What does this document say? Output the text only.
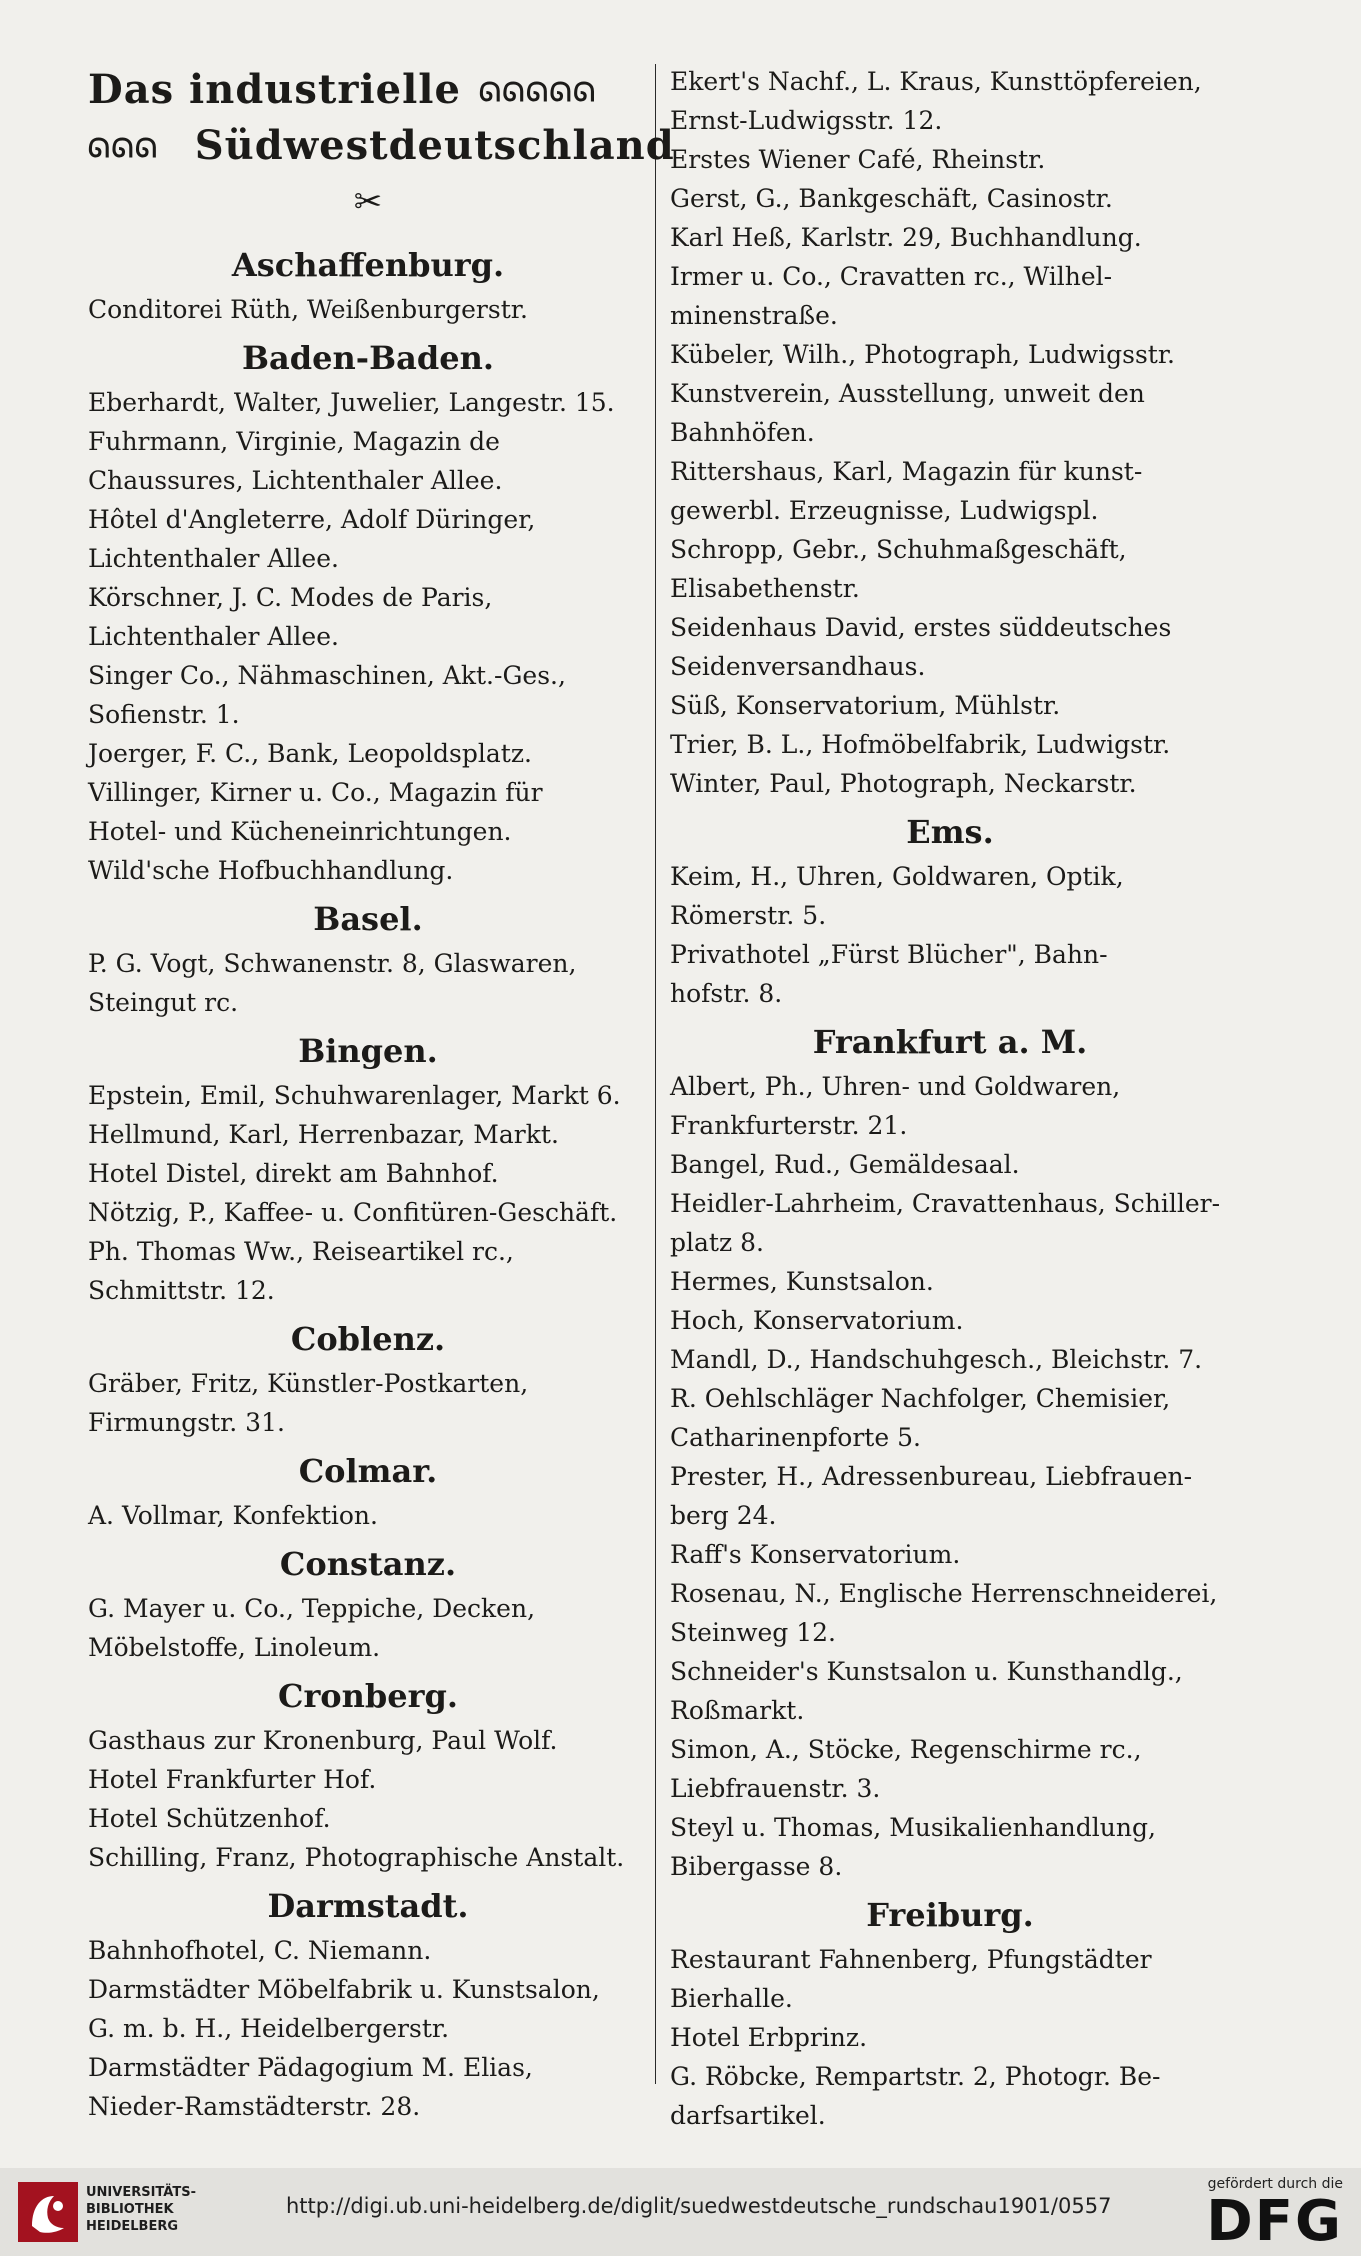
Das industrielle ᘏᘏᘏᘏᘏ
ᘏᘏᘏ Südwestdeutschland
✂
Aschaffenburg.
Conditorei Rüth, Weißenburgerstr.
Baden-Baden.
Eberhardt, Walter, Juwelier, Langestr. 15.
Fuhrmann, Virginie, Magazin de
Chaussures, Lichtenthaler Allee.
Hôtel d'Angleterre, Adolf Düringer,
Lichtenthaler Allee.
Körschner, J. C. Modes de Paris,
Lichtenthaler Allee.
Singer Co., Nähmaschinen, Akt.-Ges.,
Sofienstr. 1.
Joerger, F. C., Bank, Leopoldsplatz.
Villinger, Kirner u. Co., Magazin für
Hotel- und Kücheneinrichtungen.
Wild'sche Hofbuchhandlung.
Basel.
P. G. Vogt, Schwanenstr. 8, Glaswaren,
Steingut rc.
Bingen.
Epstein, Emil, Schuhwarenlager, Markt 6.
Hellmund, Karl, Herrenbazar, Markt.
Hotel Distel, direkt am Bahnhof.
Nötzig, P., Kaffee- u. Confitüren-Geschäft.
Ph. Thomas Ww., Reiseartikel rc.,
Schmittstr. 12.
Coblenz.
Gräber, Fritz, Künstler-Postkarten,
Firmungstr. 31.
Colmar.
A. Vollmar, Konfektion.
Constanz.
G. Mayer u. Co., Teppiche, Decken,
Möbelstoffe, Linoleum.
Cronberg.
Gasthaus zur Kronenburg, Paul Wolf.
Hotel Frankfurter Hof.
Hotel Schützenhof.
Schilling, Franz, Photographische Anstalt.
Darmstadt.
Bahnhofhotel, C. Niemann.
Darmstädter Möbelfabrik u. Kunstsalon,
G. m. b. H., Heidelbergerstr.
Darmstädter Pädagogium M. Elias,
Nieder-Ramstädterstr. 28.
Ekert's Nachf., L. Kraus, Kunsttöpfereien,
Ernst-Ludwigsstr. 12.
Erstes Wiener Café, Rheinstr.
Gerst, G., Bankgeschäft, Casinostr.
Karl Heß, Karlstr. 29, Buchhandlung.
Irmer u. Co., Cravatten rc., Wilhel-
minenstraße.
Kübeler, Wilh., Photograph, Ludwigsstr.
Kunstverein, Ausstellung, unweit den
Bahnhöfen.
Rittershaus, Karl, Magazin für kunst-
gewerbl. Erzeugnisse, Ludwigspl.
Schropp, Gebr., Schuhmaßgeschäft,
Elisabethenstr.
Seidenhaus David, erstes süddeutsches
Seidenversandhaus.
Süß, Konservatorium, Mühlstr.
Trier, B. L., Hofmöbelfabrik, Ludwigstr.
Winter, Paul, Photograph, Neckarstr.
Ems.
Keim, H., Uhren, Goldwaren, Optik,
Römerstr. 5.
Privathotel „Fürst Blücher", Bahn-
hofstr. 8.
Frankfurt a. M.
Albert, Ph., Uhren- und Goldwaren,
Frankfurterstr. 21.
Bangel, Rud., Gemäldesaal.
Heidler-Lahrheim, Cravattenhaus, Schiller-
platz 8.
Hermes, Kunstsalon.
Hoch, Konservatorium.
Mandl, D., Handschuhgesch., Bleichstr. 7.
R. Oehlschläger Nachfolger, Chemisier,
Catharinenpforte 5.
Prester, H., Adressenbureau, Liebfrauen-
berg 24.
Raff's Konservatorium.
Rosenau, N., Englische Herrenschneiderei,
Steinweg 12.
Schneider's Kunstsalon u. Kunsthandlg.,
Roßmarkt.
Simon, A., Stöcke, Regenschirme rc.,
Liebfrauenstr. 3.
Steyl u. Thomas, Musikalienhandlung,
Bibergasse 8.
Freiburg.
Restaurant Fahnenberg, Pfungstädter
Bierhalle.
Hotel Erbprinz.
G. Röbcke, Rempartstr. 2, Photogr. Be-
darfsartikel.
UNIVERSITÄTS-
BIBLIOTHEK
HEIDELBERG
http://digi.ub.uni-heidelberg.de/diglit/suedwestdeutsche_rundschau1901/0557
gefördert durch die
DFG
